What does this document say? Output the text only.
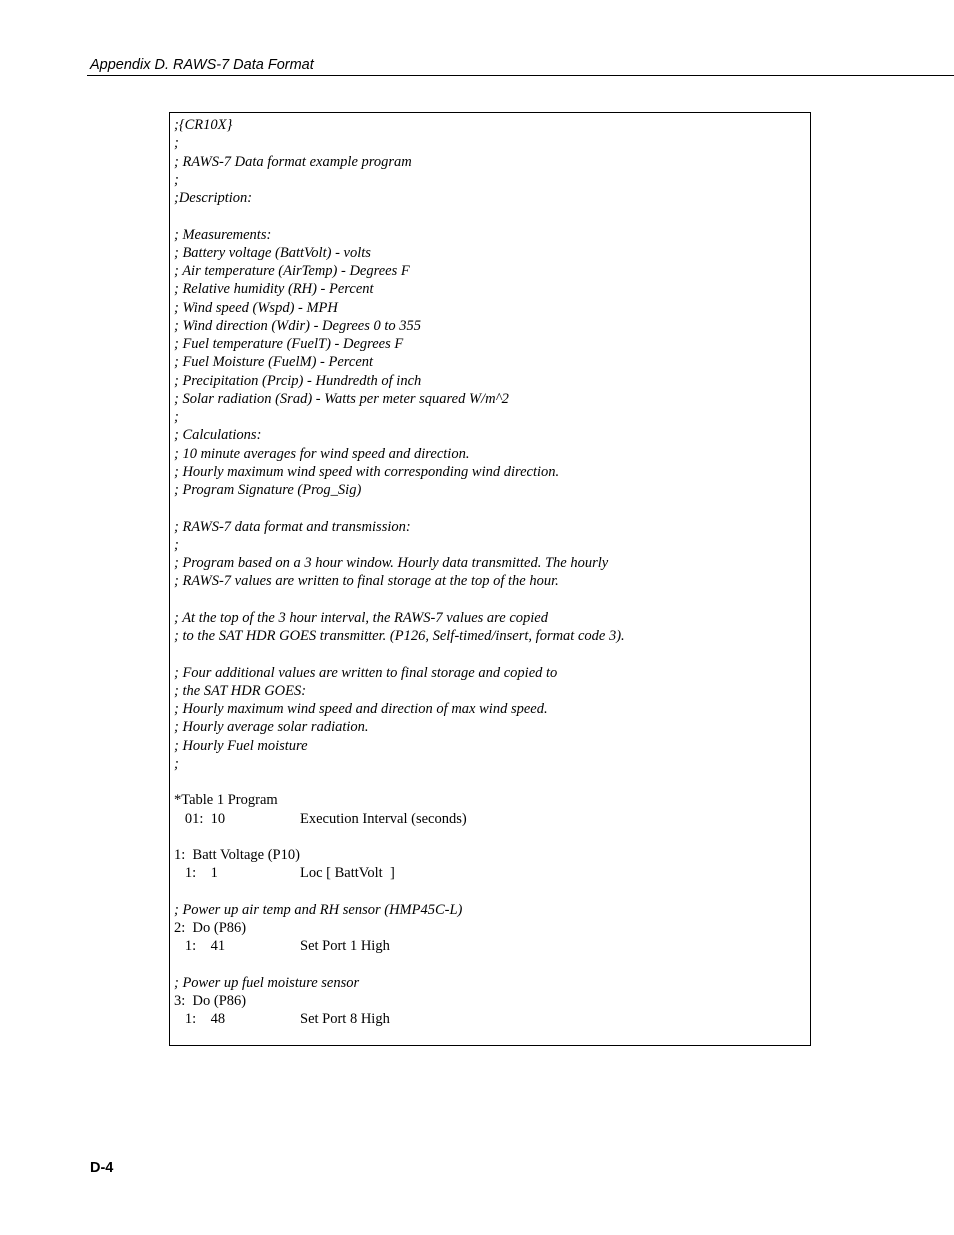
Appendix D. RAWS-7 Data Format
;{CR10X}
;
; RAWS-7 Data format example program
;
;Description:
; Measurements:
; Battery voltage (BattVolt) - volts
; Air temperature (AirTemp) - Degrees F
; Relative humidity (RH) - Percent
; Wind speed (Wspd) - MPH
; Wind direction (Wdir) - Degrees 0 to 355
; Fuel temperature (FuelT) - Degrees F
; Fuel Moisture (FuelM) - Percent
; Precipitation (Prcip) - Hundredth of inch
; Solar radiation (Srad) - Watts per meter squared W/m^2
;
; Calculations:
; 10 minute averages for wind speed and direction.
; Hourly maximum wind speed with corresponding wind direction.
; Program Signature (Prog_Sig)
; RAWS-7 data format and transmission:
;
; Program based on a 3 hour window. Hourly data transmitted. The hourly
; RAWS-7 values are written to final storage at the top of the hour.
; At the top of the 3 hour interval, the RAWS-7 values are copied
; to the SAT HDR GOES transmitter. (P126, Self-timed/insert, format code 3).
; Four additional values are written to final storage and copied to
; the SAT HDR GOES:
; Hourly maximum wind speed and direction of max wind speed.
; Hourly average solar radiation.
; Hourly Fuel moisture
;
*Table 1 Program
01:  10	Execution Interval (seconds)
1:  Batt Voltage (P10)
1:    1	Loc [ BattVolt  ]
; Power up air temp and RH sensor (HMP45C-L)
2:  Do (P86)
1:    41	Set Port 1 High
; Power up fuel moisture sensor
3:  Do (P86)
1:    48	Set Port 8 High
D-4
